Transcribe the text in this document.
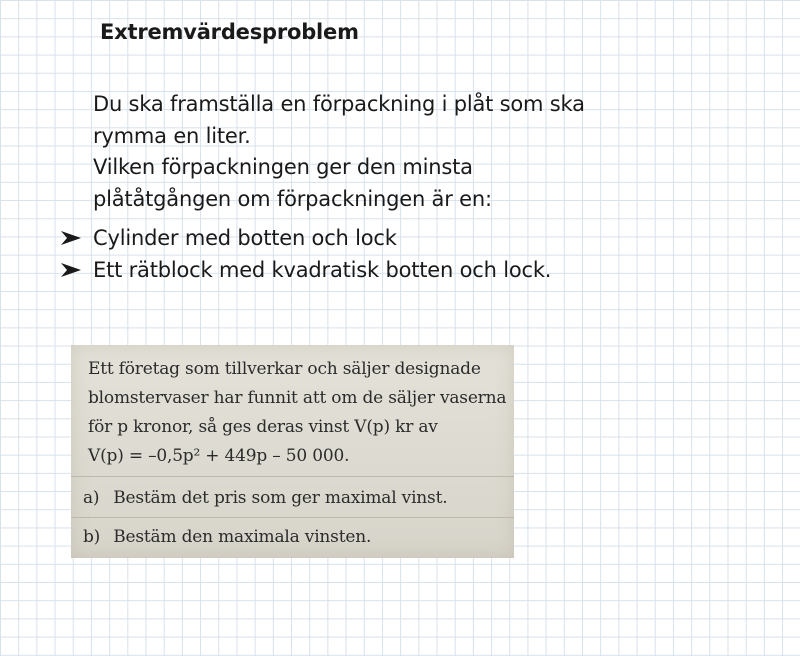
Extremvärdesproblem
Du ska framställa en förpackning i plåt som ska
rymma en liter.
Vilken förpackningen ger den minsta
plåtåtgången om förpackningen är en:
Cylinder med botten och lock
Ett rätblock med kvadratisk botten och lock.
Ett företag som tillverkar och säljer designade
blomstervaser har funnit att om de säljer vaserna
för p kronor, så ges deras vinst V(p) kr av
V(p) = –0,5p² + 449p – 50 000.
a) Bestäm det pris som ger maximal vinst.
b) Bestäm den maximala vinsten.
